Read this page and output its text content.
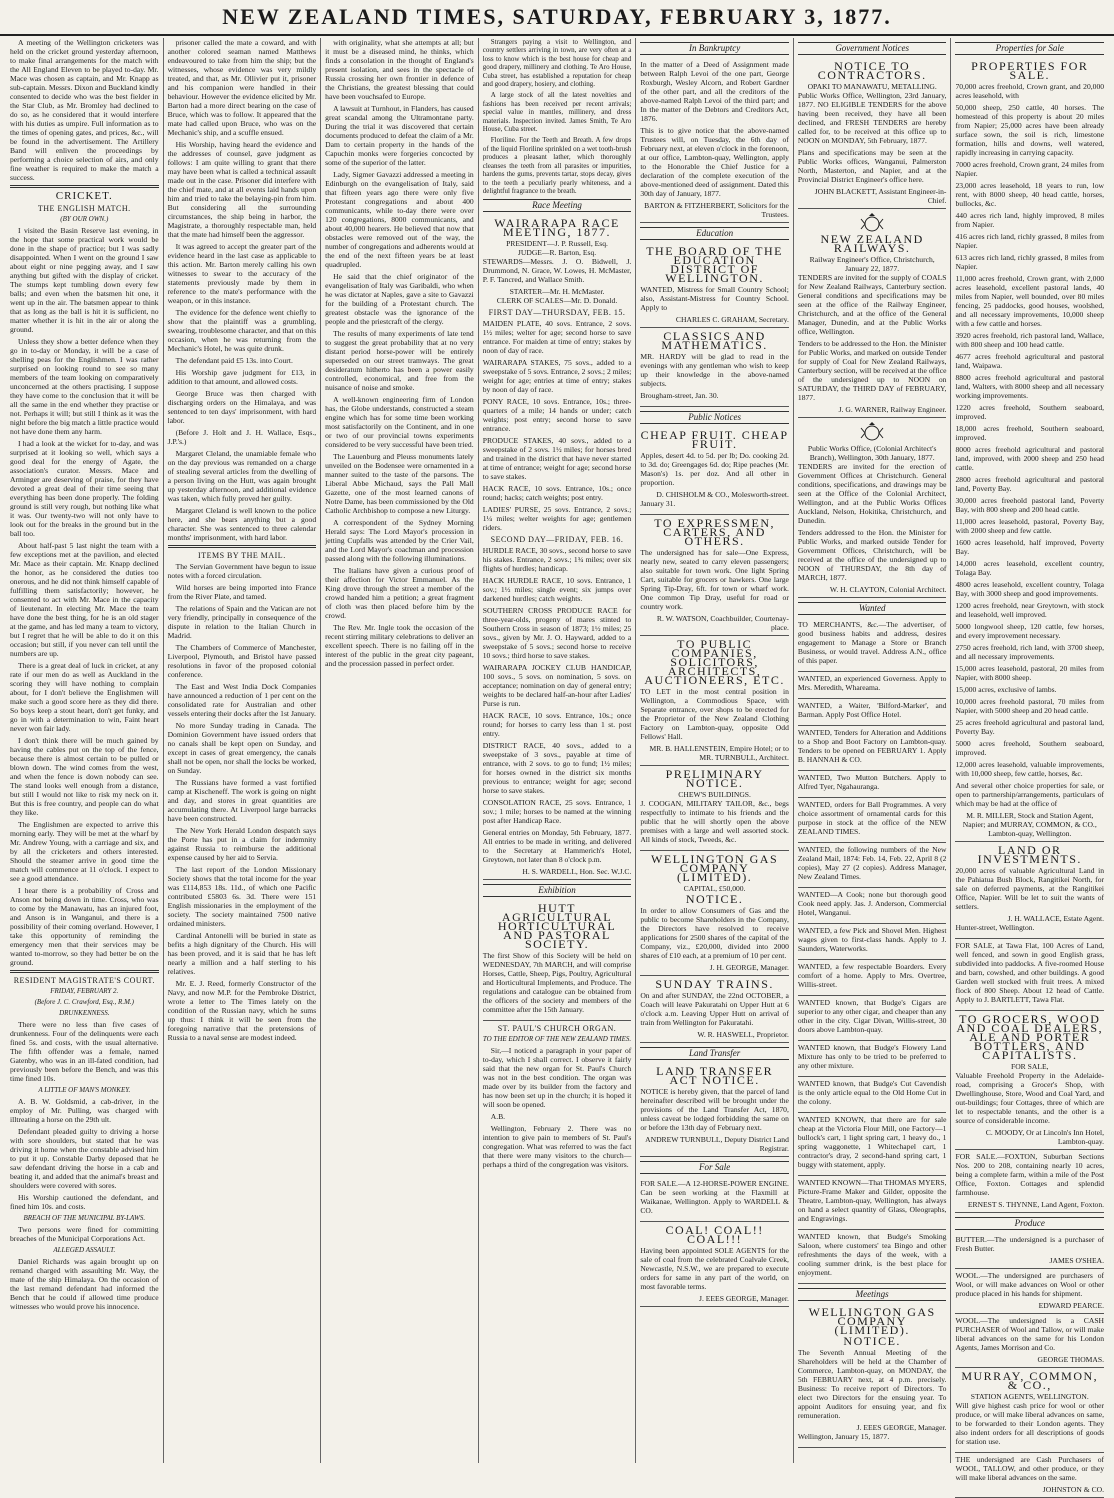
NEW ZEALAND TIMES, SATURDAY, FEBRUARY 3, 1877.

A meeting of the Wellington cricketers was held on the cricket ground yesterday afternoon, to make final arrangements for the match with the All England Eleven to be played to-day. Mr. Mace was chosen as captain, and Mr. Knapp as sub-captain. Messrs. Dixon and Buckland kindly consented to decide who was the best fielder in the Star Club, as Mr. Bromley had declined to do so, as he considered that it would interfere with his duties as umpire. Full information as to the times of opening gates, and prices, &c., will be found in the advertisement. The Artillery Band will enliven the proceedings by performing a choice selection of airs, and only fine weather is required to make the match a success.

CRICKET.
THE ENGLISH MATCH.
(BY OUR OWN.)

I visited the Basin Reserve last evening, in the hope that some practical work would be done in the shape of practice; but I was sadly disappointed. When I went on the ground I saw about eight or nine pegging away, and I saw anything but gifted with the display of cricket. The stumps kept tumbling down every few balls; and even when the batsmen hit one, it went up in the air. The batsmen appear to think that as long as the ball is hit it is sufficient, no matter whether it is hit in the air or along the ground.

Unless they show a better defence when they go in to-day or Monday, it will be a case of shelling peas for the Englishmen. I was rather surprised on looking round to see so many members of the team looking on comparatively unconcerned at the others practising. I suppose they have come to the conclusion that it will be all the same in the end whether they practise or not. Perhaps it will; but still I think as it was the night before the big match a little practice would not have done them any harm.

I had a look at the wicket for to-day, and was surprised at it looking so well, which says a good deal for the energy of Agate, the association's curator. Messrs. Mace and Arminger are deserving of praise, for they have devoted a great deal of their time seeing that everything has been done properly. The folding ground is still very rough, but nothing like what it was. Our twenty-two will not only have to look out for the breaks in the ground but in the ball too.

About half-past 5 last night the team with a few exceptions met at the pavilion, and elected Mr. Mace as their captain. Mr. Knapp declined the honor, as he considered the duties too onerous, and he did not think himself capable of fulfilling them satisfactorily; however, he consented to act with Mr. Mace in the capacity of lieutenant. In electing Mr. Mace the team have done the best thing, for he is an old stager at the game, and has led many a team to victory, but I regret that he will be able to do it on this occasion; but still, if you never can tell until the numbers are up.

There is a great deal of luck in cricket, at any rate if our men do as well as Auckland in the scoring they will have nothing to complain about, for I don't believe the Englishmen will make such a good score here as they did there. So boys keep a stout heart, don't get funky, and go in with a determination to win, Faint heart never won fair lady.

I don't think there will be much gained by having the cables put on the top of the fence, because there is almost certain to be pulled or blown down. The wind comes from the west, and when the fence is down nobody can see. The stand looks well enough from a distance, but still I would not like to risk my neck on it. But this is free country, and people can do what they like.

The Englishmen are expected to arrive this morning early. They will be met at the wharf by Mr. Andrew Young, with a carriage and six, and by all the cricketers and others interested. Should the steamer arrive in good time the match will commence at 11 o'clock. I expect to see a good attendance.

I hear there is a probability of Cross and Anson not being down in time. Cross, who was to come by the Manawatu, has an injured foot, and Anson is in Wanganui, and there is a possibility of their coming overland. However, I take this opportunity of reminding the emergency men that their services may be wanted to-morrow, so they had better be on the ground.

RESIDENT MAGISTRATE'S COURT.
FRIDAY, FEBRUARY 2.
(Before J. C. Crawford, Esq., R.M.)
DRUNKENNESS.

There were no less than five cases of drunkenness. Four of the delinquents were each fined 5s. and costs, with the usual alternative. The fifth offender was a female, named Gatenby, who was in an ill-fated condition, had previously been before the Bench, and was this time fined 10s.

A LITTLE OF MAN'S MONKEY.

A. B. W. Goldsmid, a cab-driver, in the employ of Mr. Pulling, was charged with illtreating a horse on the 29th ult.

Defendant pleaded guilty to driving a horse with sore shoulders, but stated that he was driving it home when the constable advised him to put it up. Constable Darby deposed that he saw defendant driving the horse in a cab and beating it, and added that the animal's breast and shoulders were covered with sores.

His Worship cautioned the defendant, and fined him 10s. and costs.

BREACH OF THE MUNICIPAL BY-LAWS.

Two persons were fined for committing breaches of the Municipal Corporations Act.

ALLEGED ASSAULT.

Daniel Richards was again brought up on remand charged with assaulting Mr. Way, the mate of the ship Himalaya. On the occasion of the last remand defendant had informed the Bench that he could if allowed time produce witnesses who would prove his innocence.

prisoner called the mate a coward, and with another colored seaman named Matthews endeavoured to take from him the ship; but the witnesses, whose evidence was very mildly treated, and that, as Mr. Ollivier put it, prisoner and his companion were handled in their behaviour. However the evidence elicited by Mr. Barton had a more direct bearing on the case of Bruce, which was to follow. It appeared that the mate had called upon Bruce, who was on the Mechanic's ship, and a scuffle ensued.

His Worship, having heard the evidence and the addresses of counsel, gave judgment as follows: I am quite willing to grant that there may have been what is called a technical assault made out in the case. Prisoner did interfere with the chief mate, and at all events laid hands upon him and tried to take the belaying-pin from him. But considering all the surrounding circumstances, the ship being in harbor, the Magistrate, a thoroughly respectable man, held that the mate had himself been the aggressor.

It was agreed to accept the greater part of the evidence heard in the last case as applicable to this action. Mr. Barton merely calling his own witnesses to swear to the accuracy of the statements previously made by them in reference to the mate's performance with the weapon, or in this instance.

The evidence for the defence went chiefly to show that the plaintiff was a grumbling, swearing, troublesome character, and that on this occasion, when he was returning from the Mechanic's Hotel, he was quite drunk.

The defendant paid £5 13s. into Court.

His Worship gave judgment for £13, in addition to that amount, and allowed costs.

George Bruce was then charged with discharging orders on the Himalaya, and was sentenced to ten days' imprisonment, with hard labor.

(Before J. Holt and J. H. Wallace, Esqs., J.P.'s.)

Margaret Cleland, the unamiable female who on the day previous was remanded on a charge of stealing several articles from the dwelling of a person living on the Hutt, was again brought up yesterday afternoon, and additional evidence was taken, which fully proved her guilty.

Margaret Cleland is well known to the police here, and she bears anything but a good character. She was sentenced to three calendar months' imprisonment, with hard labor.

ITEMS BY THE MAIL.

The Servian Government have begun to issue notes with a forced circulation.

Wild horses are being imported into France from the River Plate, and tamed.

The relations of Spain and the Vatican are not very friendly, principally in consequence of the dispute in relation to the Italian Church in Madrid.

The Chambers of Commerce of Manchester, Liverpool, Plymouth, and Bristol have passed resolutions in favor of the proposed colonial conference.

The East and West India Dock Companies have announced a reduction of 1 per cent on the consolidated rate for Australian and other vessels entering their docks after the 1st January.

No more Sunday trading in Canada. The Dominion Government have issued orders that no canals shall be kept open on Sunday, and except in cases of great emergency, the canals shall not be open, nor shall the locks be worked, on Sunday.

The Russians have formed a vast fortified camp at Kischeneff. The work is going on night and day, and stores in great quantities are accumulating there. At Liverpool large barracks have been constructed.

The New York Herald London despatch says the Porte has put in a claim for indemnity against Russia to reimburse the additional expense caused by her aid to Servia.

The last report of the London Missionary Society shows that the total income for the year was £114,853 18s. 11d., of which one Pacific contributed £5803 6s. 3d. There were 151 English missionaries in the employment of the society. The society maintained 7500 native ordained ministers.

Cardinal Antonelli will be buried in state as befits a high dignitary of the Church. His will has been proved, and it is said that he has left nearly a million and a half sterling to his relatives.

Mr. E. J. Reed, formerly Constructor of the Navy, and now M.P. for the Pembroke District, wrote a letter to The Times lately on the condition of the Russian navy, which he sums up thus: I think it will be seen from the foregoing narrative that the pretensions of Russia to a naval sense are modest indeed.

with originality, what she attempts at all; but it must be a diseased mind, he thinks, which finds a consolation in the thought of England's present isolation, and sees in the spectacle of Russia crossing her own frontier in defence of the Christians, the greatest blessing that could have been vouchsafed to Europe.

A lawsuit at Turnhout, in Flanders, has caused great scandal among the Ultramontane party. During the trial it was discovered that certain documents produced to defeat the claim of a Mr. Dam to certain property in the hands of the Capuchin monks were forgeries concocted by some of the superior of the latter.

Lady, Sigmer Gavazzi addressed a meeting in Edinburgh on the evangelisation of Italy, said that fifteen years ago there were only five Protestant congregations and about 400 communicants, while to-day there were over 120 congregations, 8000 communicants, and about 40,000 hearers. He believed that now that obstacles were removed out of the way, the number of congregations and adherents would at the end of the next fifteen years be at least quadrupled.

He said that the chief originator of the evangelisation of Italy was Garibaldi, who when he was dictator at Naples, gave a site to Gavazzi for the building of a Protestant church. The greatest obstacle was the ignorance of the people and the priestcraft of the clergy.

The results of many experiments of late tend to suggest the great probability that at no very distant period horse-power will be entirely superseded on our street tramways. The great desideratum hitherto has been a power easily controlled, economical, and free from the nuisance of noise and smoke.

A well-known engineering firm of London has, the Globe understands, constructed a steam engine which has for some time been working most satisfactorily on the Continent, and in one or two of our provincial towns experiments considered to be very successful have been tried.

The Lauenburg and Pleuss monuments lately unveiled on the Bodensee were ornamented in a manner suited to the taste of the parsons. The Liberal Abbe Michaud, says the Pall Mall Gazette, one of the most learned canons of Notre Dame, has been commissioned by the Old Catholic Archbishop to compose a new Liturgy.

A correspondent of the Sydney Morning Herald says: The Lord Mayor's procession in jetting Cupfalls was attended by the Crier Vail, and the Lord Mayor's coachman and procession passed along with the following illuminations.

The Italians have given a curious proof of their affection for Victor Emmanuel. As the King drove through the street a member of the crowd handed him a petition; a great fragment of cloth was then placed before him by the crowd.

The Rev. Mr. Ingle took the occasion of the recent stirring military celebrations to deliver an excellent speech. There is no failing off in the interest of the public in the great city pageant, and the procession passed in perfect order.

Strangers paying a visit to Wellington, and country settlers arriving in town, are very often at a loss to know which is the best house for cheap and good drapery, millinery and clothing. Te Aro House, Cuba street, has established a reputation for cheap and good drapery, hosiery, and clothing.

A large stock of all the latest novelties and fashions has been received per recent arrivals; special value in mantles, millinery, and dress materials. Inspection invited. James Smith, Te Aro House, Cuba street.

Floriline. For the Teeth and Breath. A few drops of the liquid Floriline sprinkled on a wet tooth-brush produces a pleasant lather, which thoroughly cleanses the teeth from all parasites or impurities, hardens the gums, prevents tartar, stops decay, gives to the teeth a peculiarly pearly whiteness, and a delightful fragrance to the breath.

Race Meeting
WAIRARAPA RACE MEETING, 1877.

PRESIDENT—J. P. Russell, Esq.

JUDGE—R. Barton, Esq.

STEWARDS—Messrs. J. O. Bidwell, J. Drummond, N. Grace, W. Lowes, H. McMaster, P. F. Tancred, and Wallace Smith.

STARTER—Mr. H. McMaster.

CLERK OF SCALES—Mr. D. Donald.

FIRST DAY—THURSDAY, FEB. 15.

MAIDEN PLATE, 40 sovs. Entrance, 2 sovs. 1½ miles; welter for age; second horse to save entrance. For maiden at time of entry; stakes by noon of day of race.

WAIRARAPA STAKES, 75 sovs., added to a sweepstake of 5 sovs. Entrance, 2 sovs.; 2 miles; weight for age; entries at time of entry; stakes by noon of day of race.

PONY RACE, 10 sovs. Entrance, 10s.; three-quarters of a mile; 14 hands or under; catch weights; post entry; second horse to save entrance.

PRODUCE STAKES, 40 sovs., added to a sweepstake of 2 sovs. 1½ miles; for horses bred and trained in the district that have never started at time of entrance; weight for age; second horse to save stakes.

HACK RACE, 10 sovs. Entrance, 10s.; once round; hacks; catch weights; post entry.

LADIES' PURSE, 25 sovs. Entrance, 2 sovs.; 1¼ miles; welter weights for age; gentlemen riders.

SECOND DAY—FRIDAY, FEB. 16.

HURDLE RACE, 30 sovs., second horse to save his stakes. Entrance, 2 sovs.; 1¾ miles; over six flights of hurdles; handicap.

HACK HURDLE RACE, 10 sovs. Entrance, 1 sov.; 1½ miles; single event; six jumps over darkened hurdles; catch weights.

SOUTHERN CROSS PRODUCE RACE for three-year-olds, progeny of mares stinted to Southern Cross in season of 1873; 1½ miles; 25 sovs., given by Mr. J. O. Hayward, added to a sweepstake of 5 sovs.; second horse to receive 10 sovs.; third horse to save stakes.

WAIRARAPA JOCKEY CLUB HANDICAP, 100 sovs., 5 sovs. on nomination, 5 sovs. on acceptance; nomination on day of general entry; weights to be declared half-an-hour after Ladies' Purse is run.

HACK RACE, 10 sovs. Entrance, 10s.; once round; for horses to carry less than 1 st. post entry.

DISTRICT RACE, 40 sovs., added to a sweepstake of 3 sovs., payable at time of entrance, with 2 sovs. to go to fund; 1½ miles; for horses owned in the district six months previous to entrance; weight for age; second horse to save stakes.

CONSOLATION RACE, 25 sovs. Entrance, 1 sov.; 1 mile; horses to be named at the winning post after Handicap Race.

General entries on Monday, 5th February, 1877. All entries to be made in writing, and delivered to the Secretary at Hammerich's Hotel, Greytown, not later than 8 o'clock p.m.

H. S. WARDELL, Hon. Sec. W.J.C.

Exhibition
HUTT AGRICULTURAL HORTICULTURAL AND PASTORAL SOCIETY.

The first Show of this Society will be held on WEDNESDAY, 7th MARCH, and will comprise Horses, Cattle, Sheep, Pigs, Poultry, Agricultural and Horticultural Implements, and Produce. The regulations and catalogue can be obtained from the officers of the society and members of the committee after the 15th January.

ST. PAUL'S CHURCH ORGAN.
TO THE EDITOR OF THE NEW ZEALAND TIMES.

Sir,—I noticed a paragraph in your paper of to-day, which I shall correct. I observe it fairly said that the new organ for St. Paul's Church was not in the best condition. The organ was made over by its builder from the factory and has now been set up in the church; it is hoped it will soon be opened.

A.B.

Wellington, February 2. There was no intention to give pain to members of St. Paul's congregation. What was referred to was the fact that there were many visitors to the church—perhaps a third of the congregation was visitors.

In Bankruptcy

In the matter of a Deed of Assignment made between Ralph Levoi of the one part, George Roxburgh, Wesley Alcorn, and Robert Gardner of the other part, and all the creditors of the above-named Ralph Levoi of the third part; and In the matter of the Debtors and Creditors Act, 1876.

This is to give notice that the above-named Trustees will, on Tuesday, the 6th day of February next, at eleven o'clock in the forenoon, at our office, Lambton-quay, Wellington, apply to the Honorable the Chief Justice for a declaration of the complete execution of the above-mentioned deed of assignment. Dated this 30th day of January, 1877.

BARTON & FITZHERBERT, Solicitors for the Trustees.

Education
THE BOARD OF THE EDUCATION DISTRICT OF WELLINGTON.

WANTED, Mistress for Small Country School; also, Assistant-Mistress for Country School. Apply to

CHARLES C. GRAHAM, Secretary.

CLASSICS AND MATHEMATICS.

MR. HARDY will be glad to read in the evenings with any gentleman who wish to keep up their knowledge in the above-named subjects.

Brougham-street, Jan. 30.

Public Notices
CHEAP FRUIT. CHEAP FRUIT.

Apples, desert 4d. to 5d. per lb; Do. cooking 2d. to 3d. do; Greengages 6d. do; Ripe peaches (Mr. Mason's) 1s. per doz. And all other in proportion.

D. CHISHOLM & CO., Molesworth-street.

January 31.

TO EXPRESSMEN, CARTERS, AND OTHERS.

The undersigned has for sale—One Express, nearly new, seated to carry eleven passengers; also suitable for town work. One light Spring Cart, suitable for grocers or hawkers. One large Spring Tip-Dray, 6ft. for town or wharf work. One common Tip Dray, useful for road or country work.

R. W. WATSON, Coachbuilder, Courtenay-place.

TO PUBLIC COMPANIES, SOLICITORS, ARCHITECTS, AUCTIONEERS, ETC.

TO LET in the most central position in Wellington, a Commodious Space, with Separate entrance, over shops to be erected for the Proprietor of the New Zealand Clothing Factory on Lambton-quay, opposite Odd Fellows' Hall.

MR. B. HALLENSTEIN, Empire Hotel; or to MR. TURNBULL, Architect.

PRELIMINARY NOTICE.

CHEW'S BUILDINGS.

J. COOGAN, MILITARY TAILOR, &c., begs respectfully to intimate to his friends and the public that he will shortly open the above premises with a large and well assorted stock. All kinds of stock, Tweeds, &c.

WELLINGTON GAS COMPANY (LIMITED).

CAPITAL, £50,000.

NOTICE.

In order to allow Consumers of Gas and the public to become Shareholders in the Company, the Directors have resolved to receive applications for 2500 shares of the capital of the Company, viz., £20,000, divided into 2000 shares of £10 each, at a premium of 10 per cent.

J. H. GEORGE, Manager.

SUNDAY TRAINS.

On and after SUNDAY, the 22nd OCTOBER, a Coach will leave Pakuratahi on Upper Hutt at 6 o'clock a.m. Leaving Upper Hutt on arrival of train from Wellington for Pakuratahi.

W. R. HASWELL, Proprietor.

Land Transfer
LAND TRANSFER ACT NOTICE.

NOTICE is hereby given, that the parcel of land hereinafter described will be brought under the provisions of the Land Transfer Act, 1870, unless caveat be lodged forbidding the same on or before the 13th day of February next.

ANDREW TURNBULL, Deputy District Land Registrar.

For Sale

FOR SALE.—A 12-HORSE-POWER ENGINE. Can be seen working at the Flaxmill at Waikanae, Wellington. Apply to WARDELL & CO.

COAL! COAL!! COAL!!!

Having been appointed SOLE AGENTS for the sale of coal from the celebrated Coalvale Creek, Newcastle, N.S.W., we are prepared to execute orders for same in any part of the world, on most favorable terms.

J. EEES GEORGE, Manager.

Government Notices
NOTICE TO CONTRACTORS.

OPAKI TO MANAWATU, METALLING.

Public Works Office, Wellington, 23rd January, 1877. NO ELIGIBLE TENDERS for the above having been received, they have all been declined, and FRESH TENDERS are hereby called for, to be received at this office up to NOON on MONDAY, 5th February, 1877.

Plans and specifications may be seen at the Public Works offices, Wanganui, Palmerston North, Masterton, and Napier, and at the Provincial District Engineer's office here.

JOHN BLACKETT, Assistant Engineer-in-Chief.

NEW ZEALAND RAILWAYS.

Railway Engineer's Office, Christchurch, January 22, 1877.

TENDERS are invited for the supply of COALS for New Zealand Railways, Canterbury section. General conditions and specifications may be seen at the office of the Railway Engineer, Christchurch, and at the office of the General Manager, Dunedin, and at the Public Works office, Wellington.

Tenders to be addressed to the Hon. the Minister for Public Works, and marked on outside Tender for supply of Coal for New Zealand Railways, Canterbury section, will be received at the office of the undersigned up to NOON on SATURDAY, the THIRD DAY of FEBRUARY, 1877.

J. G. WARNER, Railway Engineer.

Public Works Office, (Colonial Architect's Branch), Wellington, 30th January, 1877.

TENDERS are invited for the erection of Government Offices at Christchurch. General conditions, specifications, and drawings may be seen at the Office of the Colonial Architect, Wellington, and at the Public Works Offices Auckland, Nelson, Hokitika, Christchurch, and Dunedin.

Tenders addressed to the Hon. the Minister for Public Works, and marked outside Tender for Government Offices, Christchurch, will be received at the office of the undersigned up to NOON of THURSDAY, the 8th day of MARCH, 1877.

W. H. CLAYTON, Colonial Architect.

Wanted

TO MERCHANTS, &c.—The advertiser, of good business habits and address, desires engagement to Manage a Store or Branch Business, or would travel. Address A.N., office of this paper.

WANTED, an experienced Governess. Apply to Mrs. Meredith, Whareama.

WANTED, a Waiter, 'Bilford-Marker', and Barman. Apply Post Office Hotel.

WANTED, Tenders for Alteration and Additions to a Shop and Boot Factory on Lambton-quay. Tenders to be opened on FEBRUARY 1. Apply B. HANNAH & CO.

WANTED, Two Mutton Butchers. Apply to Alfred Tyer, Ngahauranga.

WANTED, orders for Ball Programmes. A very choice assortment of ornamental cards for this purpose in stock at the office of the NEW ZEALAND TIMES.

WANTED, the following numbers of the New Zealand Mail, 1874: Feb. 14, Feb. 22, April 8 (2 copies), May 27 (2 copies). Address Manager, New Zealand Times.

WANTED—A Cook; none but thorough good Cook need apply. Jas. J. Anderson, Commercial Hotel, Wanganui.

WANTED, a few Pick and Shovel Men. Highest wages given to first-class hands. Apply to J. Saunders, Waterworks.

WANTED, a few respectable Boarders. Every comfort of a home. Apply to Mrs. Overtree, Willis-street.

WANTED known, that Budge's Cigars are superior to any other cigar, and cheaper than any other in the city. Cigar Divan, Willis-street, 30 doors above Lambton-quay.

WANTED known, that Budge's Flowery Land Mixture has only to be tried to be preferred to any other mixture.

WANTED known, that Budge's Cut Cavendish is the only article equal to the Old Home Cut in the colony.

WANTED KNOWN, that there are for sale cheap at the Victoria Flour Mill, one Factory—1 bullock's cart, 1 light spring cart, 1 heavy do., 1 spring waggonette, 1 Whitechapel cart, 1 contractor's dray, 2 second-hand spring cart, 1 buggy with statement, apply.

WANTED KNOWN—That THOMAS MYERS, Picture-Frame Maker and Gilder, opposite the Theatre, Lambton-quay, Wellington, has always on hand a select quantity of Glass, Oleographs, and Engravings.

WANTED known, that Budge's Smoking Saloon, where customers' tea Bingo and other refreshments the days of the week, with a cooling summer drink, is the best place for enjoyment.

Meetings
WELLINGTON GAS COMPANY (LIMITED).
NOTICE.

The Seventh Annual Meeting of the Shareholders will be held at the Chamber of Commerce, Lambton-quay, on MONDAY, the 5th FEBRUARY next, at 4 p.m. precisely. Business: To receive report of Directors. To elect two Directors for the ensuing year. To appoint Auditors for ensuing year, and fix remuneration.

J. EEES GEORGE, Manager.

Wellington, January 15, 1877.

Properties for Sale
PROPERTIES FOR SALE.

70,000 acres freehold, Crown grant, and 20,000 acres leasehold, with

50,000 sheep, 250 cattle, 40 horses. The homestead of this property is about 20 miles from Napier; 25,000 acres have been already surface sown, the soil is rich, limestone formation, hills and downs, well watered, rapidly increasing in carrying capacity.

7000 acres freehold, Crown grant, 24 miles from Napier.

23,000 acres leasehold, 18 years to run, low rent, with 8000 sheep, 40 head cattle, horses, bullocks, &c.

440 acres rich land, highly improved, 8 miles from Napier.

416 acres rich land, richly grassed, 8 miles from Napier.

613 acres rich land, richly grassed, 8 miles from Napier.

11,000 acres freehold, Crown grant, with 2,000 acres leasehold, excellent pastoral lands, 40 miles from Napier, well bounded, over 80 miles fencing, 25 paddocks, good houses, woolshed, and all necessary improvements, 10,000 sheep with a few cattle and horses.

3920 acres freehold, rich pastoral land, Wallace, with 800 sheep and 100 head cattle.

4677 acres freehold agricultural and pastoral land, Waipawa.

8800 acres freehold agricultural and pastoral land, Walters, with 8000 sheep and all necessary working improvements.

1220 acres freehold, Southern seaboard, improved.

18,000 acres freehold, Southern seaboard, improved.

8000 acres freehold agricultural and pastoral land, improved, with 2000 sheep and 250 head cattle.

2800 acres freehold agricultural and pastoral land, Poverty Bay.

30,000 acres freehold pastoral land, Poverty Bay, with 800 sheep and 200 head cattle.

11,000 acres leasehold, pastoral, Poverty Bay, with 2000 sheep and few cattle.

1600 acres leasehold, half improved, Poverty Bay.

14,000 acres leasehold, excellent country, Tolaga Bay.

4800 acres leasehold, excellent country, Tolaga Bay, with 3000 sheep and good improvements.

1200 acres freehold, near Greytown, with stock and leasehold, well improved.

5000 longwool sheep, 120 cattle, few horses, and every improvement necessary.

2750 acres freehold, rich land, with 3700 sheep, and all necessary improvements.

15,000 acres leasehold, pastoral, 20 miles from Napier, with 8000 sheep.

15,000 acres, exclusive of lambs.

10,000 acres freehold pastoral, 70 miles from Napier, with 5000 sheep and 20 head cattle.

25 acres freehold agricultural and pastoral land, Poverty Bay.

5000 acres freehold, Southern seaboard, improved.

12,000 acres leasehold, valuable improvements, with 10,000 sheep, few cattle, horses, &c.

And several other choice properties for sale, or open to partnership/arrangements, particulars of which may be had at the office of

M. R. MILLER, Stock and Station Agent, Napier; and MURRAY, COMMON, & CO., Lambton-quay, Wellington.

LAND OR INVESTMENTS.

20,000 acres of valuable Agricultural Land in the Pahiatua Bush Block, Rangitikei North, for sale on deferred payments, at the Rangitikei Office, Napier. Will be let to suit the wants of settlers.

J. H. WALLACE, Estate Agent.

Hunter-street, Wellington.

FOR SALE, at Tawa Flat, 100 Acres of Land, well fenced, and sown in good English grass, subdivided into paddocks. A five-roomed House and barn, cowshed, and other buildings. A good Garden well stocked with fruit trees. A mixed flock of 800 Sheep. About 12 head of Cattle. Apply to J. BARTLETT, Tawa Flat.

TO GROCERS, WOOD AND COAL DEALERS, ALE AND PORTER BOTTLERS, AND CAPITALISTS.

FOR SALE,

Valuable Freehold Property in the Adelaide-road, comprising a Grocer's Shop, with Dwellinghouse, Store, Wood and Coal Yard, and out-buildings; four Cottages, three of which are let to respectable tenants, and the other is a source of considerable income.

C. MOODY, Or at Lincoln's Inn Hotel, Lambton-quay.

FOR SALE.—FOXTON, Suburban Sections Nos. 200 to 208, containing nearly 10 acres, being a complete farm, within a mile of the Post Office, Foxton. Cottages and splendid farmhouse.

ERNEST S. THYNNE, Land Agent, Foxton.

Produce

BUTTER.—The undersigned is a purchaser of Fresh Butter.

JAMES O'SHEA.

WOOL.—The undersigned are purchasers of Wool, or will make advances on Wool or other produce placed in his hands for shipment.

EDWARD PEARCE.

WOOL.—The undersigned is a CASH PURCHASER of Wool and Tallow, or will make liberal advances on the same for his London Agents, James Morrison and Co.

GEORGE THOMAS.

MURRAY, COMMON, & CO.,

STATION AGENTS, WELLINGTON.

Will give highest cash price for wool or other produce, or will make liberal advances on same, to be forwarded to their London agents. They also indent orders for all descriptions of goods for station use.

THE undersigned are Cash Purchasers of WOOL, TALLOW, and other produce, or they will make liberal advances on the same.

JOHNSTON & CO.
